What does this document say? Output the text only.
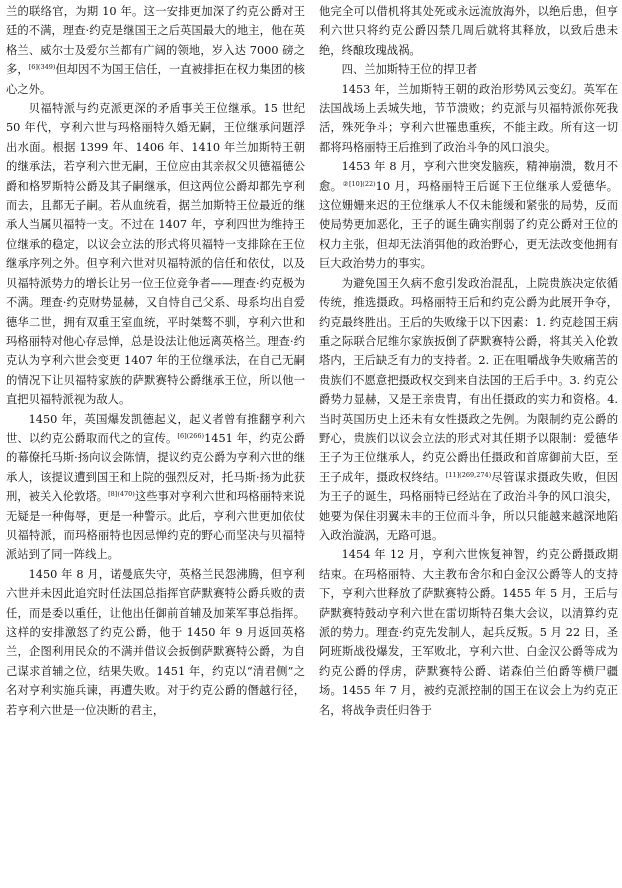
兰的联络官，为期 10 年。这一安排更加深了约克公爵对王廷的不满，理查·约克是继国王之后英国最大的地主，他在英格兰、威尔士及爱尔兰都有广阔的领地，岁入达 7000 磅之多，$^{[6](349)}$但却因不为国王信任，一直被排拒在权力集团的核心之外。

贝福特派与约克派更深的矛盾事关王位继承。15 世纪 50 年代，亨利六世与玛格丽特久婚无嗣，王位继承问题浮出水面。根据 1399 年、1406 年、1410 年兰加斯特王朝的继承法，若亨利六世无嗣，王位应由其亲叔父贝德福德公爵和格罗斯特公爵及其子嗣继承，但这两位公爵却都先亨利而去，且都无子嗣。若从血统看，据兰加斯特王位最近的继承人当属贝福特一支。不过在 1407 年，亨利四世为维持王位继承的稳定，以议会立法的形式将贝福特一支排除在王位继承序列之外。但亨利六世对贝福特派的信任和依仗，以及贝福特派势力的增长让另一位王位竞争者——理查·约克极为不满。理查·约克财势显赫，又自恃自己父系、母系均出自爱德华二世，拥有双重王室血统，平时桀骜不驯，亨利六世和玛格丽特对他心存忌惮，总是设法让他远离英格兰。理查·约克认为亨利六世会变更 1407 年的王位继承法，在自己无嗣的情况下让贝福特家族的萨默赛特公爵继承王位，所以他一直把贝福特派视为敌人。

1450 年，英国爆发凯德起义，起义者曾有推翻亨利六世、以约克公爵取而代之的宣传。$^{[6](266)}$1451 年，约克公爵的幕僚托马斯·扬向议会陈情，提议约克公爵为亨利六世的继承人，该提议遭到国王和上院的强烈反对，托马斯·扬为此获刑，被关入伦敦塔。$^{[8](470)}$这些事对亨利六世和玛格丽特来说无疑是一种侮辱，更是一种警示。此后，亨利六世更加依仗贝福特派，而玛格丽特也因忌惮约克的野心而坚决与贝福特派站到了同一阵线上。

1450 年 8 月，诺曼底失守，英格兰民怨沸腾，但亨利六世并未因此追究时任法国总指挥官萨默赛特公爵兵败的责任，而是委以重任，让他出任御前首辅及加莱军事总指挥。这样的安排激怒了约克公爵，他于 1450 年 9 月返回英格兰，企图利用民众的不满并借议会扳倒萨默赛特公爵，为自己谋求首辅之位，结果失败。1451 年，约克以“清君侧”之名对亨利实施兵谏，再遭失败。对于约克公爵的僭越行径，若亨利六世是一位决断的君主，

他完全可以借机将其处死或永远流放海外，以绝后患，但亨利六世只将约克公爵囚禁几周后就将其释放，以致后患未绝，终酿玫瑰战祸。

四、兰加斯特王位的捍卫者

1453 年，兰加斯特王朝的政治形势风云变幻。英军在法国战场上丢城失地，节节溃败；约克派与贝福特派你死我活，殊死争斗；亨利六世罹患重疾，不能主政。所有这一切都将玛格丽特王后推到了政治斗争的风口浪尖。

1453 年 8 月，亨利六世突发脑疾，精神崩溃，数月不愈。$^{②[10](22)}$10 月，玛格丽特王后诞下王位继承人爱德华。这位姗姗来迟的王位继承人不仅未能缓和紧张的局势，反而使局势更加恶化，王子的诞生确实削弱了约克公爵对王位的权力主张，但却无法消弭他的政治野心，更无法改变他拥有巨大政治势力的事实。

为避免国王久病不愈引发政治混乱，上院贵族决定依循传统，推选摄政。玛格丽特王后和约克公爵为此展开争夺，约克最终胜出。王后的失败缘于以下因素：1. 约克趁国王病重之际联合尼维尔家族扳倒了萨默赛特公爵，将其关入伦敦塔内，王后缺乏有力的支持者。2. 正在咀嚼战争失败痛苦的贵族们不愿意把摄政权交到来自法国的王后手中。3. 约克公爵势力显赫，又是王亲贵胄，有出任摄政的实力和资格。4. 当时英国历史上还未有女性摄政之先例。为限制约克公爵的野心，贵族们以议会立法的形式对其任期予以限制：爱德华王子为王位继承人，约克公爵出任摄政和首席御前大臣，至王子成年，摄政权终结。$^{[11](269,274)}$尽管谋求摄政失败，但因为王子的诞生，玛格丽特已经站在了政治斗争的风口浪尖，她要为保住羽翼未丰的王位而斗争，所以只能越来越深地陷入政治漩涡，无路可退。

1454 年 12 月，亨利六世恢复神智，约克公爵摄政期结束。在玛格丽特、大主教布舍尔和白金汉公爵等人的支持下，亨利六世释放了萨默赛特公爵。1455 年 5 月，王后与萨默赛特鼓动亨利六世在雷切斯特召集大会议，以清算约克派的势力。理查·约克先发制人，起兵反叛。5 月 22 日，圣阿班斯战役爆发，王军败北，亨利六世、白金汉公爵等成为约克公爵的俘虏，萨默赛特公爵、诺森伯兰伯爵等横尸疆场。1455 年 7 月，被约克派控制的国王在议会上为约克正名，将战争责任归咎于
